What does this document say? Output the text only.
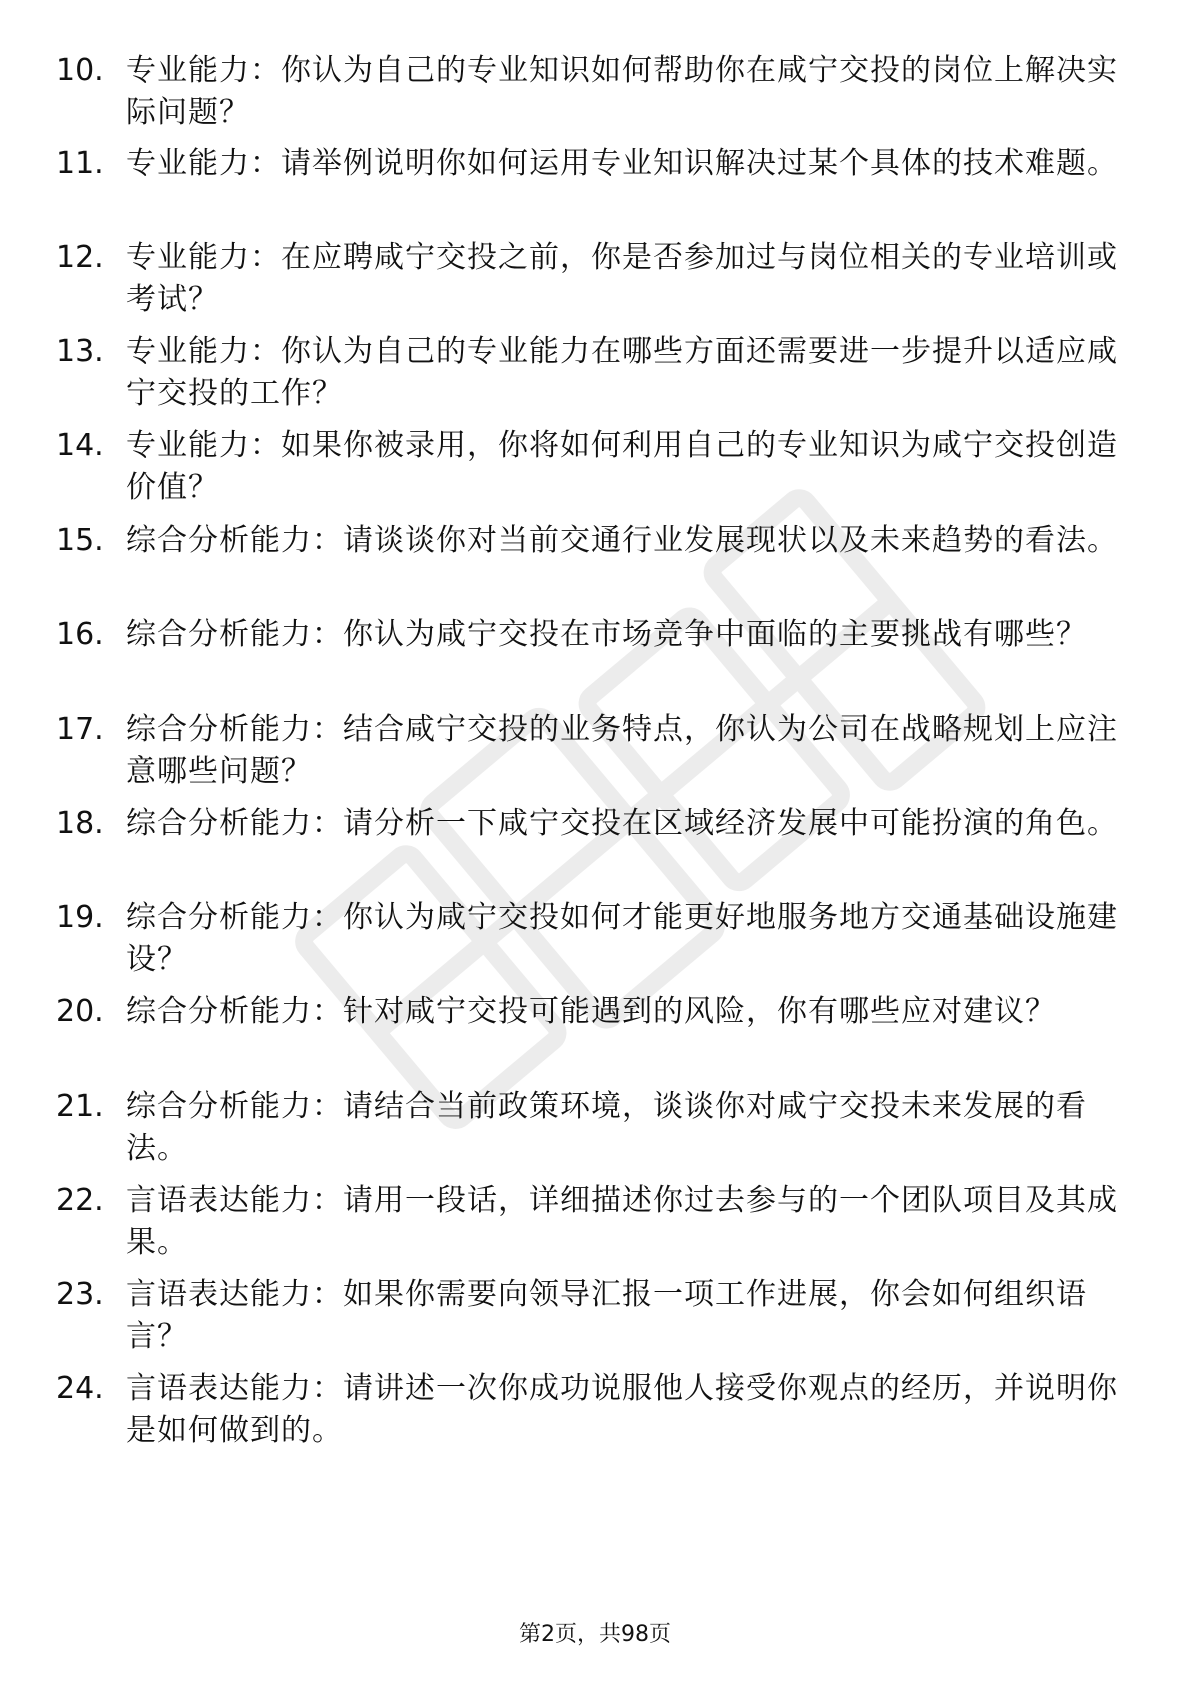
10. 专业能力：你认为自己的专业知识如何帮助你在咸宁交投的岗位上解决实际问题？
11. 专业能力：请举例说明你如何运用专业知识解决过某个具体的技术难题。
12. 专业能力：在应聘咸宁交投之前，你是否参加过与岗位相关的专业培训或考试？
13. 专业能力：你认为自己的专业能力在哪些方面还需要进一步提升以适应咸宁交投的工作？
14. 专业能力：如果你被录用，你将如何利用自己的专业知识为咸宁交投创造价值？
15. 综合分析能力：请谈谈你对当前交通行业发展现状以及未来趋势的看法。
16. 综合分析能力：你认为咸宁交投在市场竞争中面临的主要挑战有哪些？
17. 综合分析能力：结合咸宁交投的业务特点，你认为公司在战略规划上应注意哪些问题？
18. 综合分析能力：请分析一下咸宁交投在区域经济发展中可能扮演的角色。
19. 综合分析能力：你认为咸宁交投如何才能更好地服务地方交通基础设施建设？
20. 综合分析能力：针对咸宁交投可能遇到的风险，你有哪些应对建议？
21. 综合分析能力：请结合当前政策环境，谈谈你对咸宁交投未来发展的看法。
22. 言语表达能力：请用一段话，详细描述你过去参与的一个团队项目及其成果。
23. 言语表达能力：如果你需要向领导汇报一项工作进展，你会如何组织语言？
24. 言语表达能力：请讲述一次你成功说服他人接受你观点的经历，并说明你是如何做到的。
第2页，共98页
